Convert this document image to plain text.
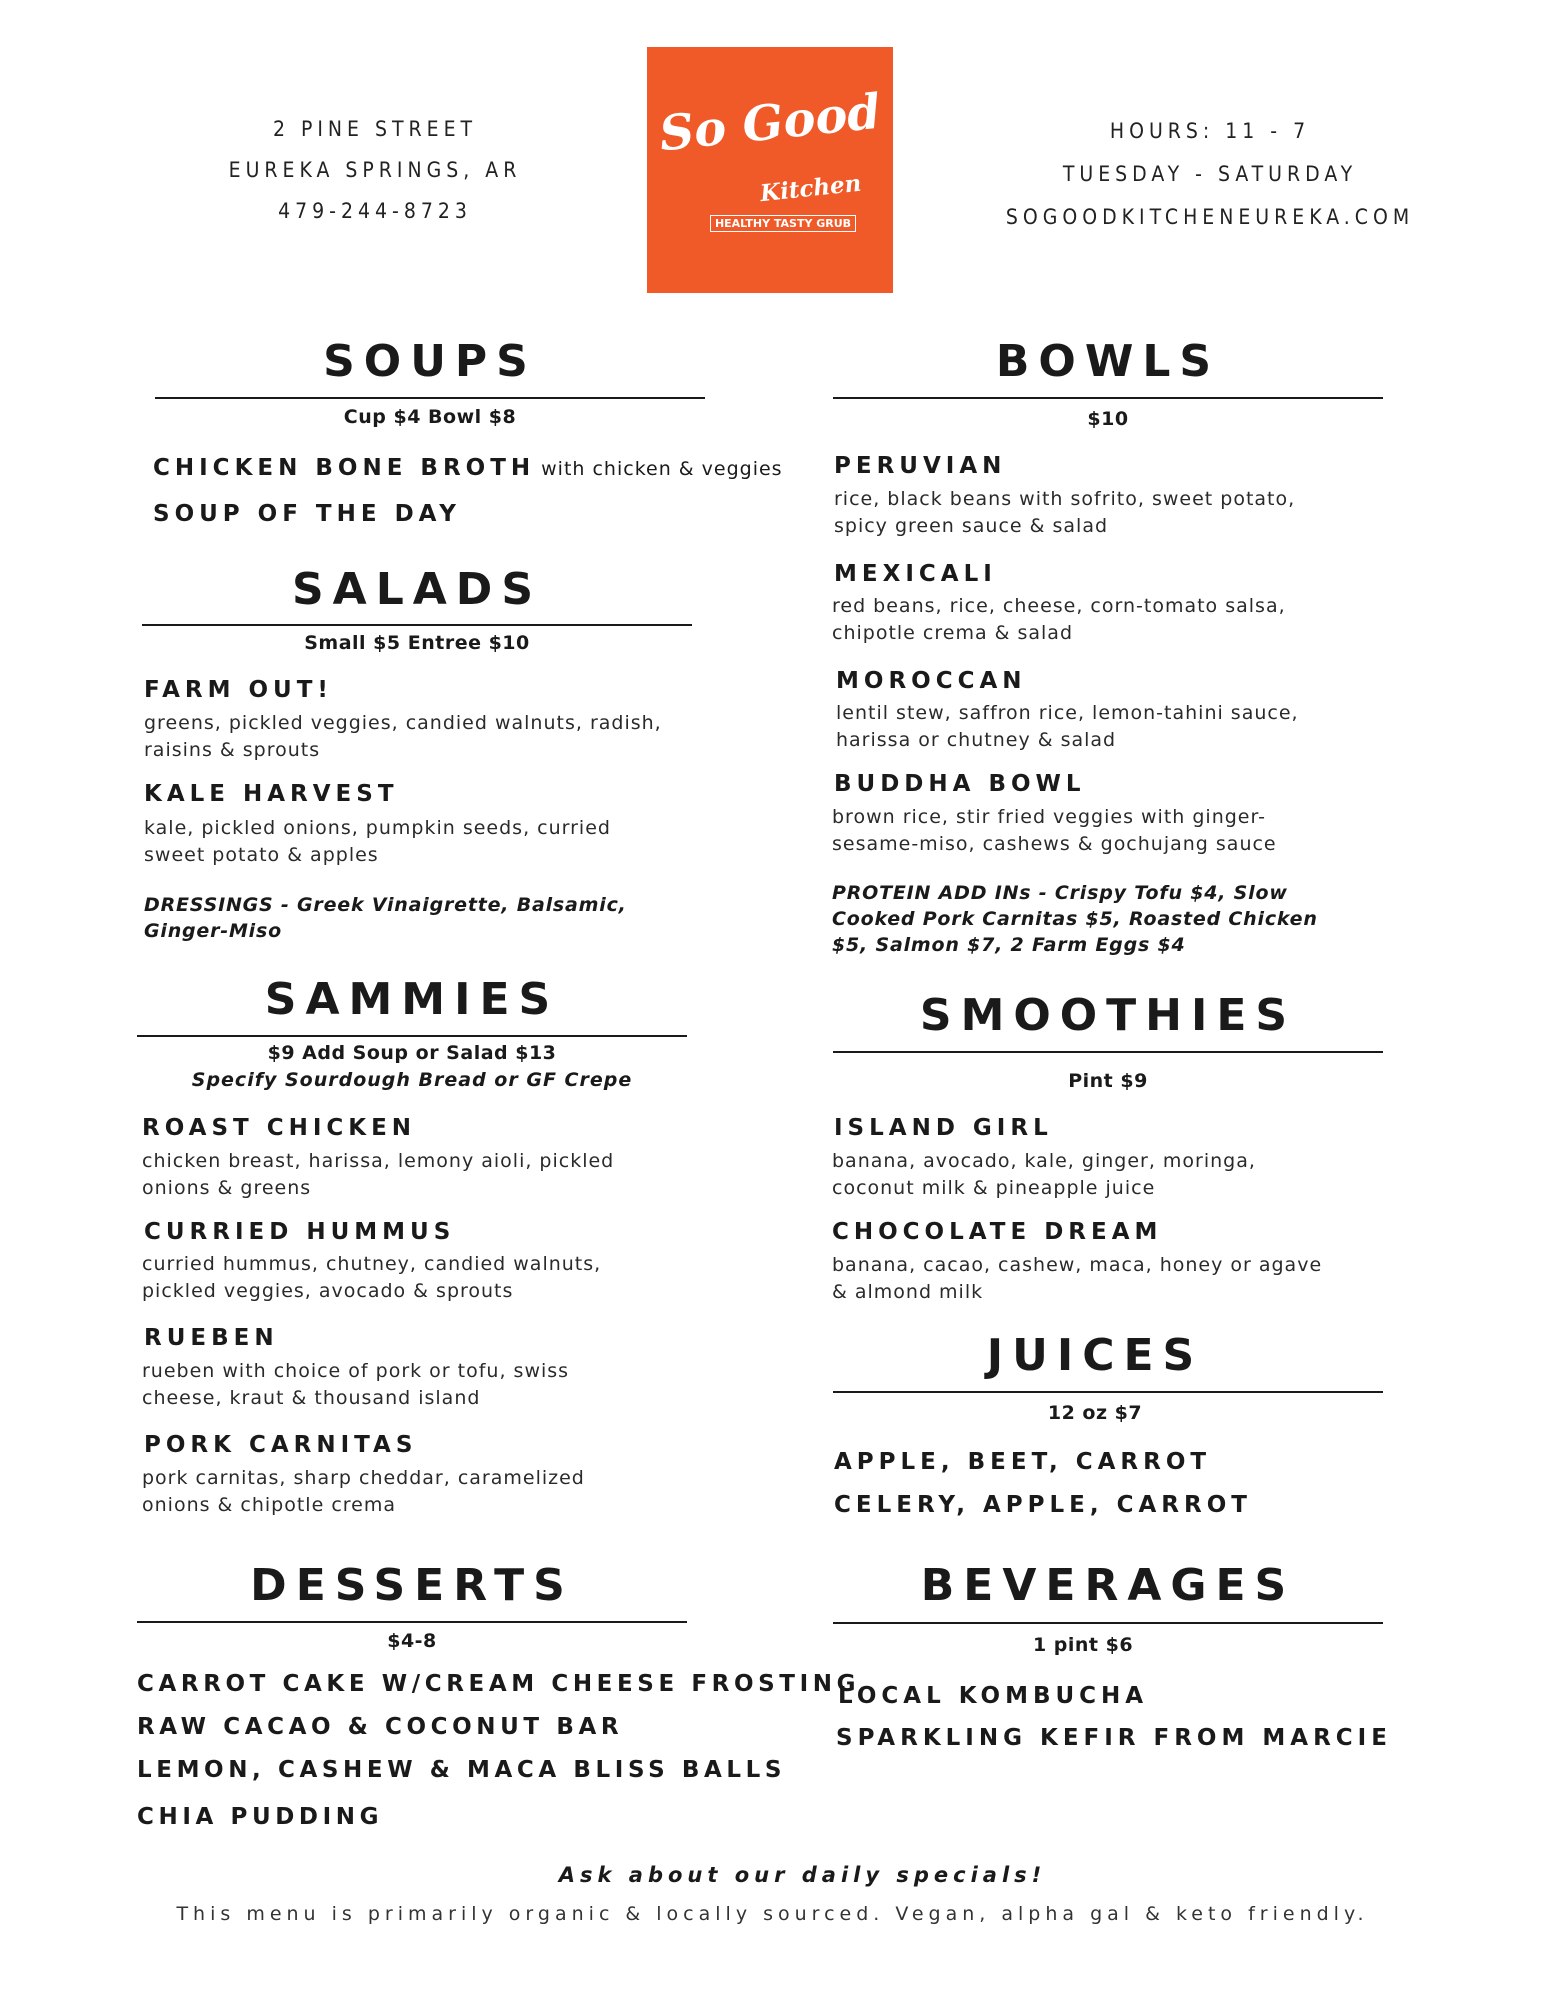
2 PINE STREET
EUREKA SPRINGS, AR
479-244-8723
So Good
Kitchen
HEALTHY TASTY GRUB
HOURS: 11 - 7
TUESDAY - SATURDAY
SOGOODKITCHENEUREKA.COM
SOUPS
Cup $4 Bowl $8
CHICKEN BONE BROTH with chicken & veggies
SOUP OF THE DAY
SALADS
Small $5 Entree $10
FARM OUT!
greens, pickled veggies, candied walnuts, radish,
raisins & sprouts
KALE HARVEST
kale, pickled onions, pumpkin seeds, curried
sweet potato & apples
DRESSINGS - Greek Vinaigrette, Balsamic,
Ginger-Miso
SAMMIES
$9 Add Soup or Salad $13
Specify Sourdough Bread or GF Crepe
ROAST CHICKEN
chicken breast, harissa, lemony aioli, pickled
onions & greens
CURRIED HUMMUS
curried hummus, chutney, candied walnuts,
pickled veggies, avocado & sprouts
RUEBEN
rueben with choice of pork or tofu, swiss
cheese, kraut & thousand island
PORK CARNITAS
pork carnitas, sharp cheddar, caramelized
onions & chipotle crema
DESSERTS
$4-8
CARROT CAKE W/CREAM CHEESE FROSTING
RAW CACAO & COCONUT BAR
LEMON, CASHEW & MACA BLISS BALLS
CHIA PUDDING
BOWLS
$10
PERUVIAN
rice, black beans with sofrito, sweet potato,
spicy green sauce & salad
MEXICALI
red beans, rice, cheese, corn-tomato salsa,
chipotle crema & salad
MOROCCAN
lentil stew, saffron rice, lemon-tahini sauce,
harissa or chutney & salad
BUDDHA BOWL
brown rice, stir fried veggies with ginger-
sesame-miso, cashews & gochujang sauce
PROTEIN ADD INs - Crispy Tofu $4, Slow
Cooked Pork Carnitas $5, Roasted Chicken
$5, Salmon $7, 2 Farm Eggs $4
SMOOTHIES
Pint $9
ISLAND GIRL
banana, avocado, kale, ginger, moringa,
coconut milk & pineapple juice
CHOCOLATE DREAM
banana, cacao, cashew, maca, honey or agave
& almond milk
JUICES
12 oz $7
APPLE, BEET, CARROT
CELERY, APPLE, CARROT
BEVERAGES
1 pint $6
LOCAL KOMBUCHA
SPARKLING KEFIR FROM MARCIE
Ask about our daily specials!
This menu is primarily organic & locally sourced. Vegan, alpha gal & keto friendly.
